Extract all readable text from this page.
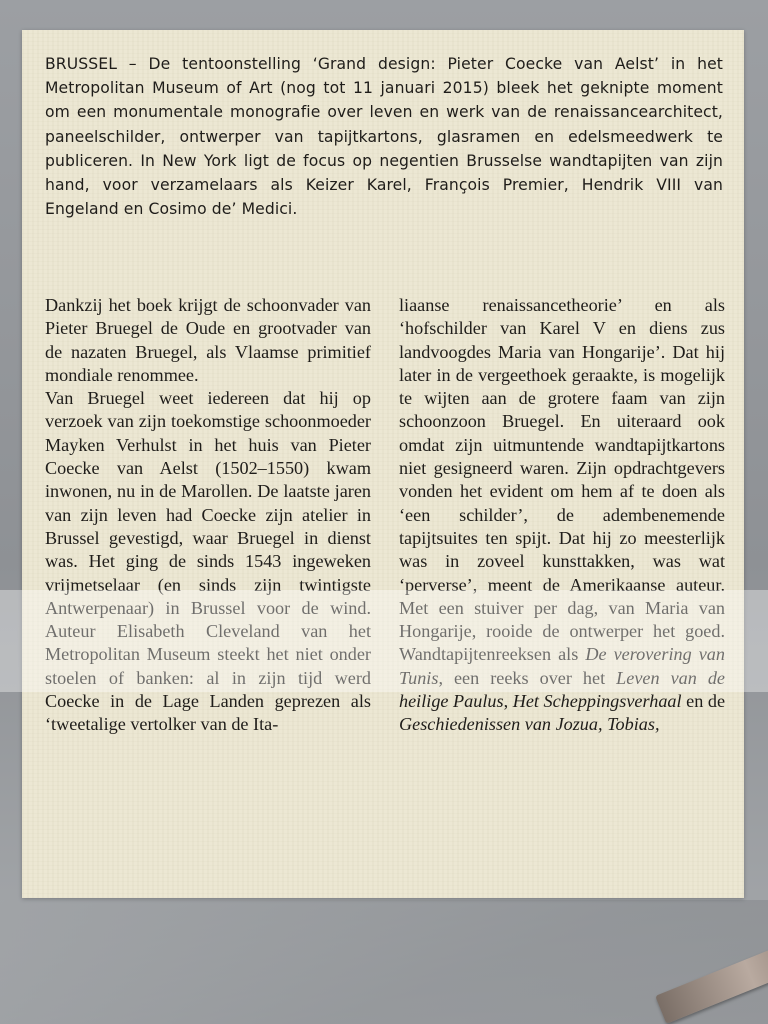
BRUSSEL – De tentoonstelling ‘Grand design: Pieter Coecke van Aelst’ in het Metropolitan Museum of Art (nog tot 11 januari 2015) bleek het geknipte moment om een monumentale monografie over leven en werk van de renaissancearchitect, paneelschilder, ontwerper van tapijtkartons, glasramen en edelsmeedwerk te publiceren. In New York ligt de focus op negentien Brusselse wandtapijten van zijn hand, voor verzamelaars als Keizer Karel, François Premier, Hendrik VIII van Engeland en Cosimo de’ Medici.

Dankzij het boek krijgt de schoonvader van Pieter Bruegel de Oude en grootvader van de nazaten Bruegel, als Vlaamse primitief mondiale renommee.

Van Bruegel weet iedereen dat hij op verzoek van zijn toekomstige schoonmoeder Mayken Verhulst in het huis van Pieter Coecke van Aelst (1502–1550) kwam inwonen, nu in de Marollen. De laatste jaren van zijn leven had Coecke zijn atelier in Brussel gevestigd, waar Bruegel in dienst was. Het ging de sinds 1543 ingeweken vrijmetselaar (en sinds zijn twintigste Antwerpenaar) in Brussel voor de wind. Auteur Elisabeth Cleveland van het Metropolitan Museum steekt het niet onder stoelen of banken: al in zijn tijd werd Coecke in de Lage Landen geprezen als ‘tweetalige vertolker van de Ita-

liaanse renaissancetheorie’ en als ‘hofschilder van Karel V en diens zus landvoogdes Maria van Hongarije’. Dat hij later in de vergeethoek geraakte, is mogelijk te wijten aan de grotere faam van zijn schoonzoon Bruegel. En uiteraard ook omdat zijn uitmuntende wandtapijtkartons niet gesigneerd waren. Zijn opdrachtgevers vonden het evident om hem af te doen als ‘een schilder’, de adembenemende tapijtsuites ten spijt. Dat hij zo meesterlijk was in zoveel kunsttakken, was wat ‘perverse’, meent de Amerikaanse auteur. Met een stuiver per dag, van Maria van Hongarije, rooide de ontwerper het goed. Wandtapijtenreeksen als De verovering van Tunis, een reeks over het Leven van de heilige Paulus, Het Scheppingsverhaal en de Geschiedenissen van Jozua, Tobias,
